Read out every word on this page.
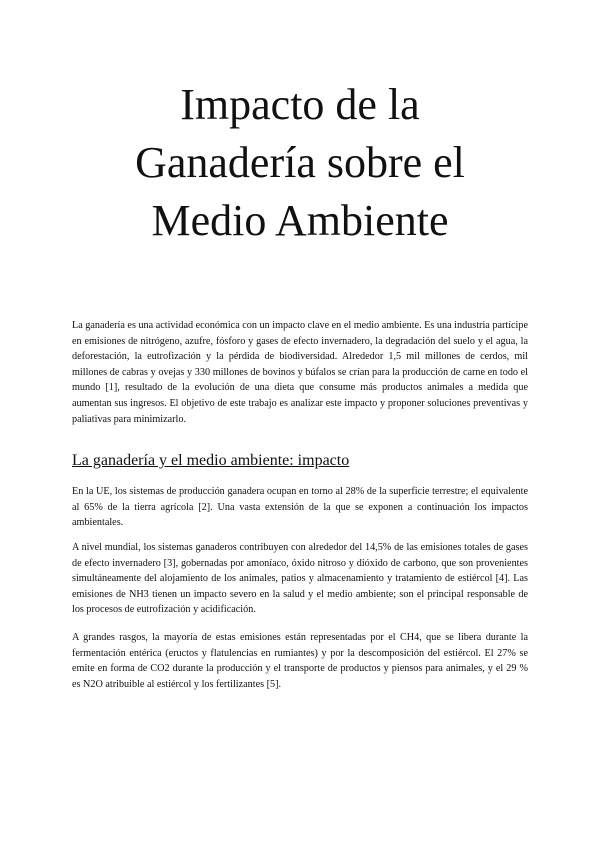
Impacto de la
Ganadería sobre el
Medio Ambiente

La ganadería es una actividad económica con un impacto clave en el medio ambiente. Es una industria partícipe en emisiones de nitrógeno, azufre, fósforo y gases de efecto invernadero, la degradación del suelo y el agua, la deforestación, la eutrofización y la pérdida de biodiversidad. Alrededor 1,5 mil millones de cerdos, mil millones de cabras y ovejas y 330 millones de bovinos y búfalos se crían para la producción de carne en todo el mundo [1], resultado de la evolución de una dieta que consume más productos animales a medida que aumentan sus ingresos. El objetivo de este trabajo es analizar este impacto y proponer soluciones preventivas y paliativas para minimizarlo.

La ganadería y el medio ambiente: impacto

En la UE, los sistemas de producción ganadera ocupan en torno al 28% de la superficie terrestre; el equivalente al 65% de la tierra agrícola [2]. Una vasta extensión de la que se exponen a continuación los impactos ambientales.

A nivel mundial, los sistemas ganaderos contribuyen con alrededor del 14,5% de las emisiones totales de gases de efecto invernadero [3], gobernadas por amoníaco, óxido nitroso y dióxido de carbono, que son provenientes simultáneamente del alojamiento de los animales, patios y almacenamiento y tratamiento de estiércol [4]. Las emisiones de NH3 tienen un impacto severo en la salud y el medio ambiente; son el principal responsable de los procesos de eutrofización y acidificación.

A grandes rasgos, la mayoría de estas emisiones están representadas por el CH4, que se libera durante la fermentación entérica (eructos y flatulencias en rumiantes) y por la descomposición del estiércol. El 27% se emite en forma de CO2 durante la producción y el transporte de productos y piensos para animales, y el 29 % es N2O atribuible al estiércol y los fertilizantes [5].
